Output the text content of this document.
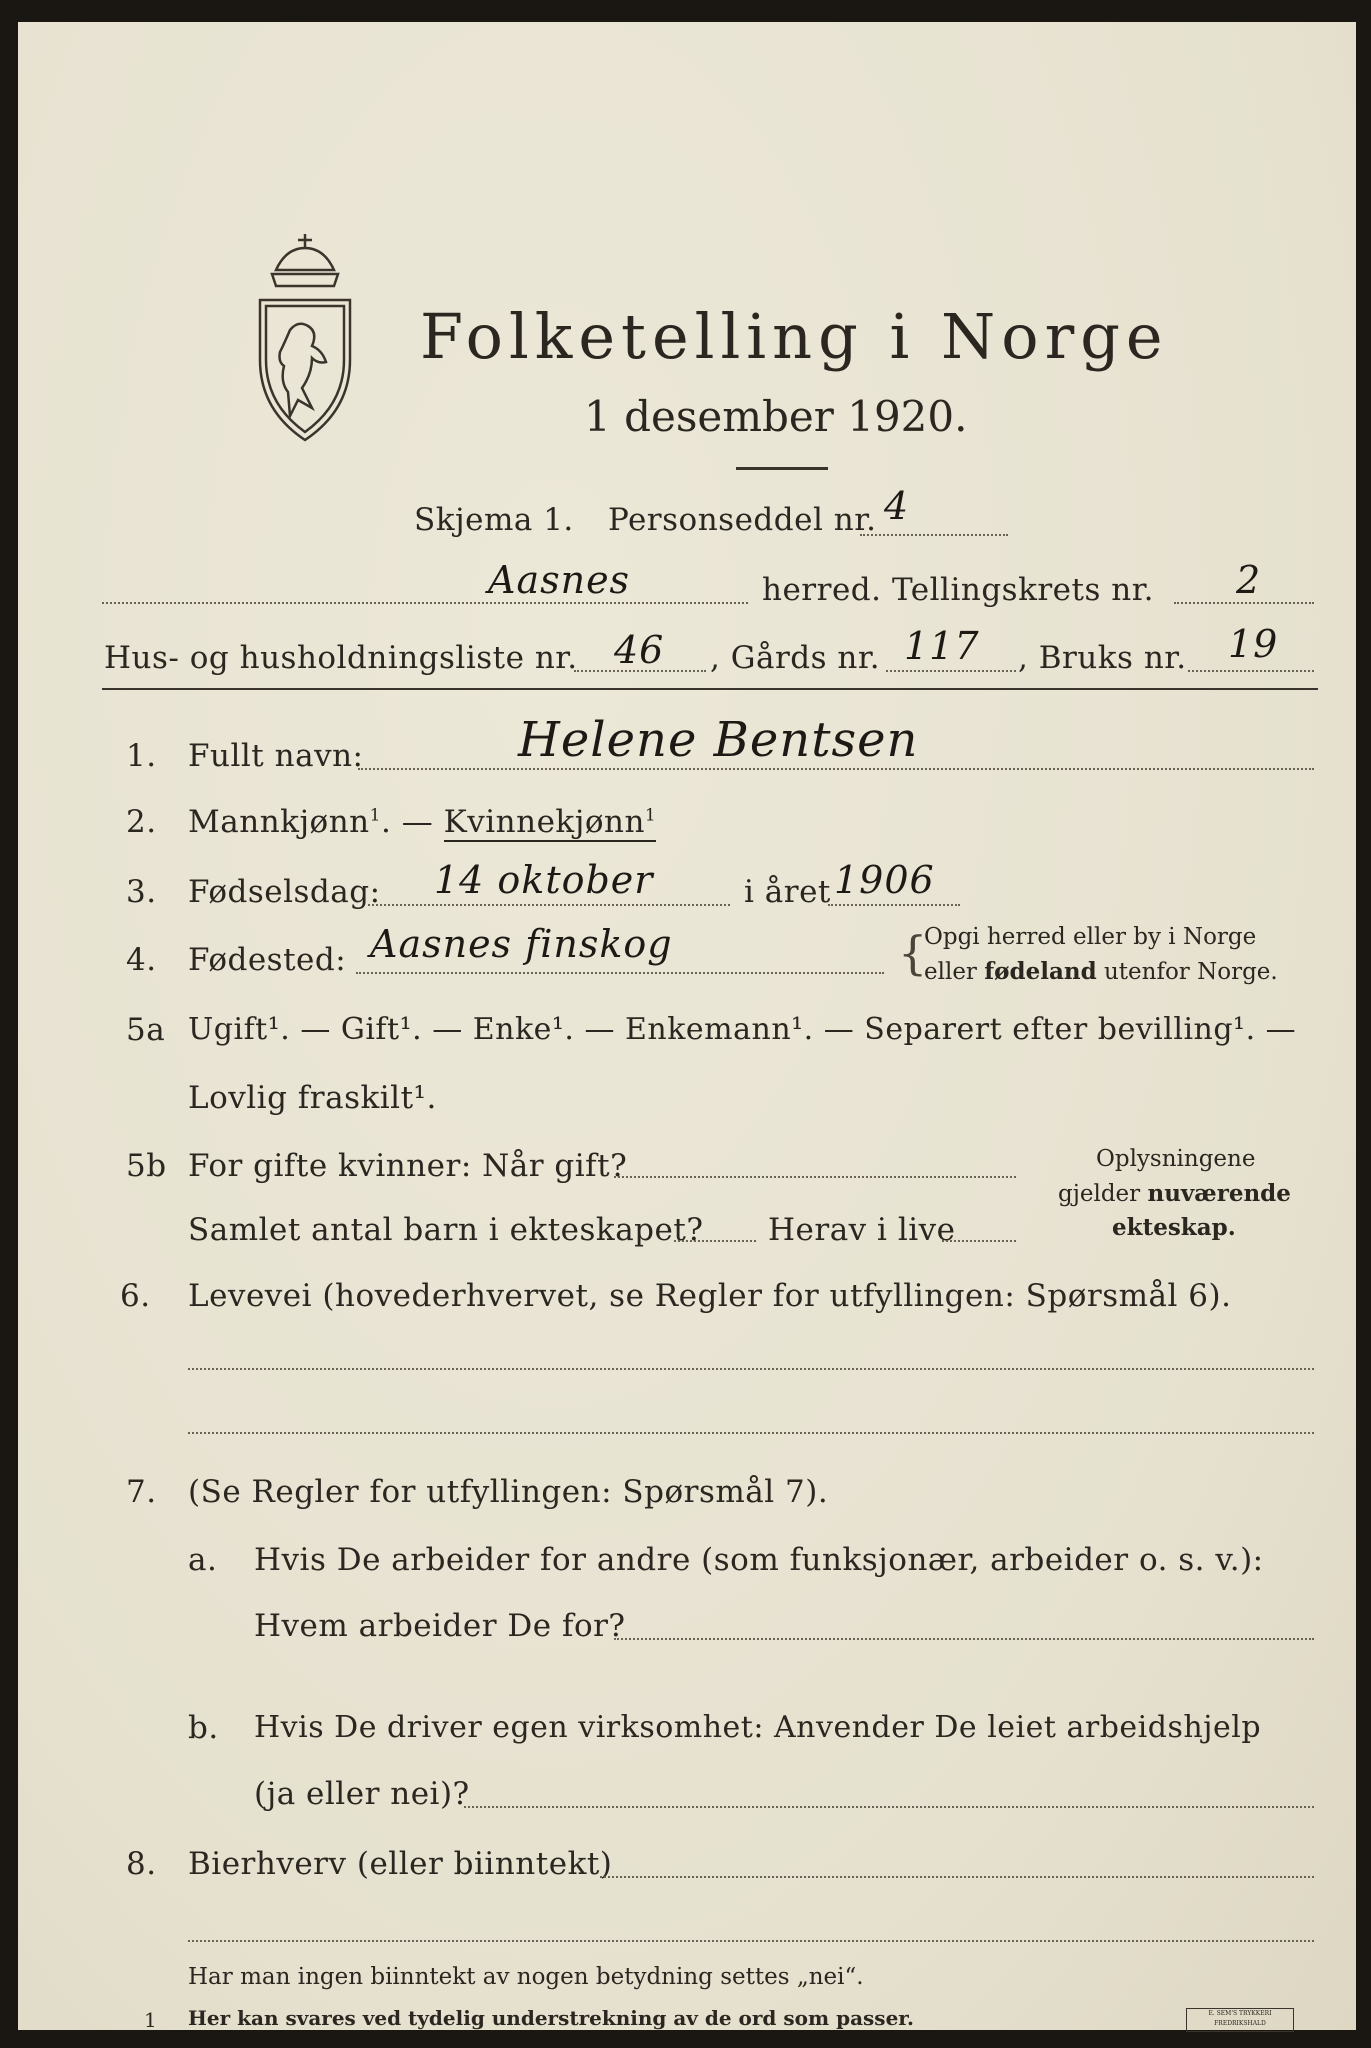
Folketelling i Norge
1 desember 1920.
Skjema 1. Personseddel nr. 4
Aasnes	herred. Tellingskrets nr. 2
Hus- og husholdningsliste nr. 46 , Gårds nr. 117 , Bruks nr. 19
1. Fullt navn:	Helene Bentsen
2. Mannkjønn$^1$. — Kvinnekjønn$^1$
3. Fødselsdag: 14 oktober	i året 1906
4. Fødested: Aasnes finskog	{
Opgi herred eller by i Norge
eller fødeland utenfor Norge.
5a Ugift¹. — Gift¹. — Enke¹. — Enkemann¹. — Separert efter bevilling¹. —
Lovlig fraskilt¹.
5b For gifte kvinner: Når gift?
Samlet antal barn i ekteskapet? Herav i live
Oplysningene
gjelder nuværende
ekteskap.
6. Levevei (hovederhvervet, se Regler for utfyllingen: Spørsmål 6).
7. (Se Regler for utfyllingen: Spørsmål 7).
a. Hvis De arbeider for andre (som funksjonær, arbeider o. s. v.):
Hvem arbeider De for?
b. Hvis De driver egen virksomhet: Anvender De leiet arbeidshjelp
(ja eller nei)?
8. Bierhverv (eller biinntekt)
Har man ingen biinntekt av nogen betydning settes „nei“.
1 Her kan svares ved tydelig understrekning av de ord som passer.	E. SEM'S TRYKKERI FREDRIKSHALD
